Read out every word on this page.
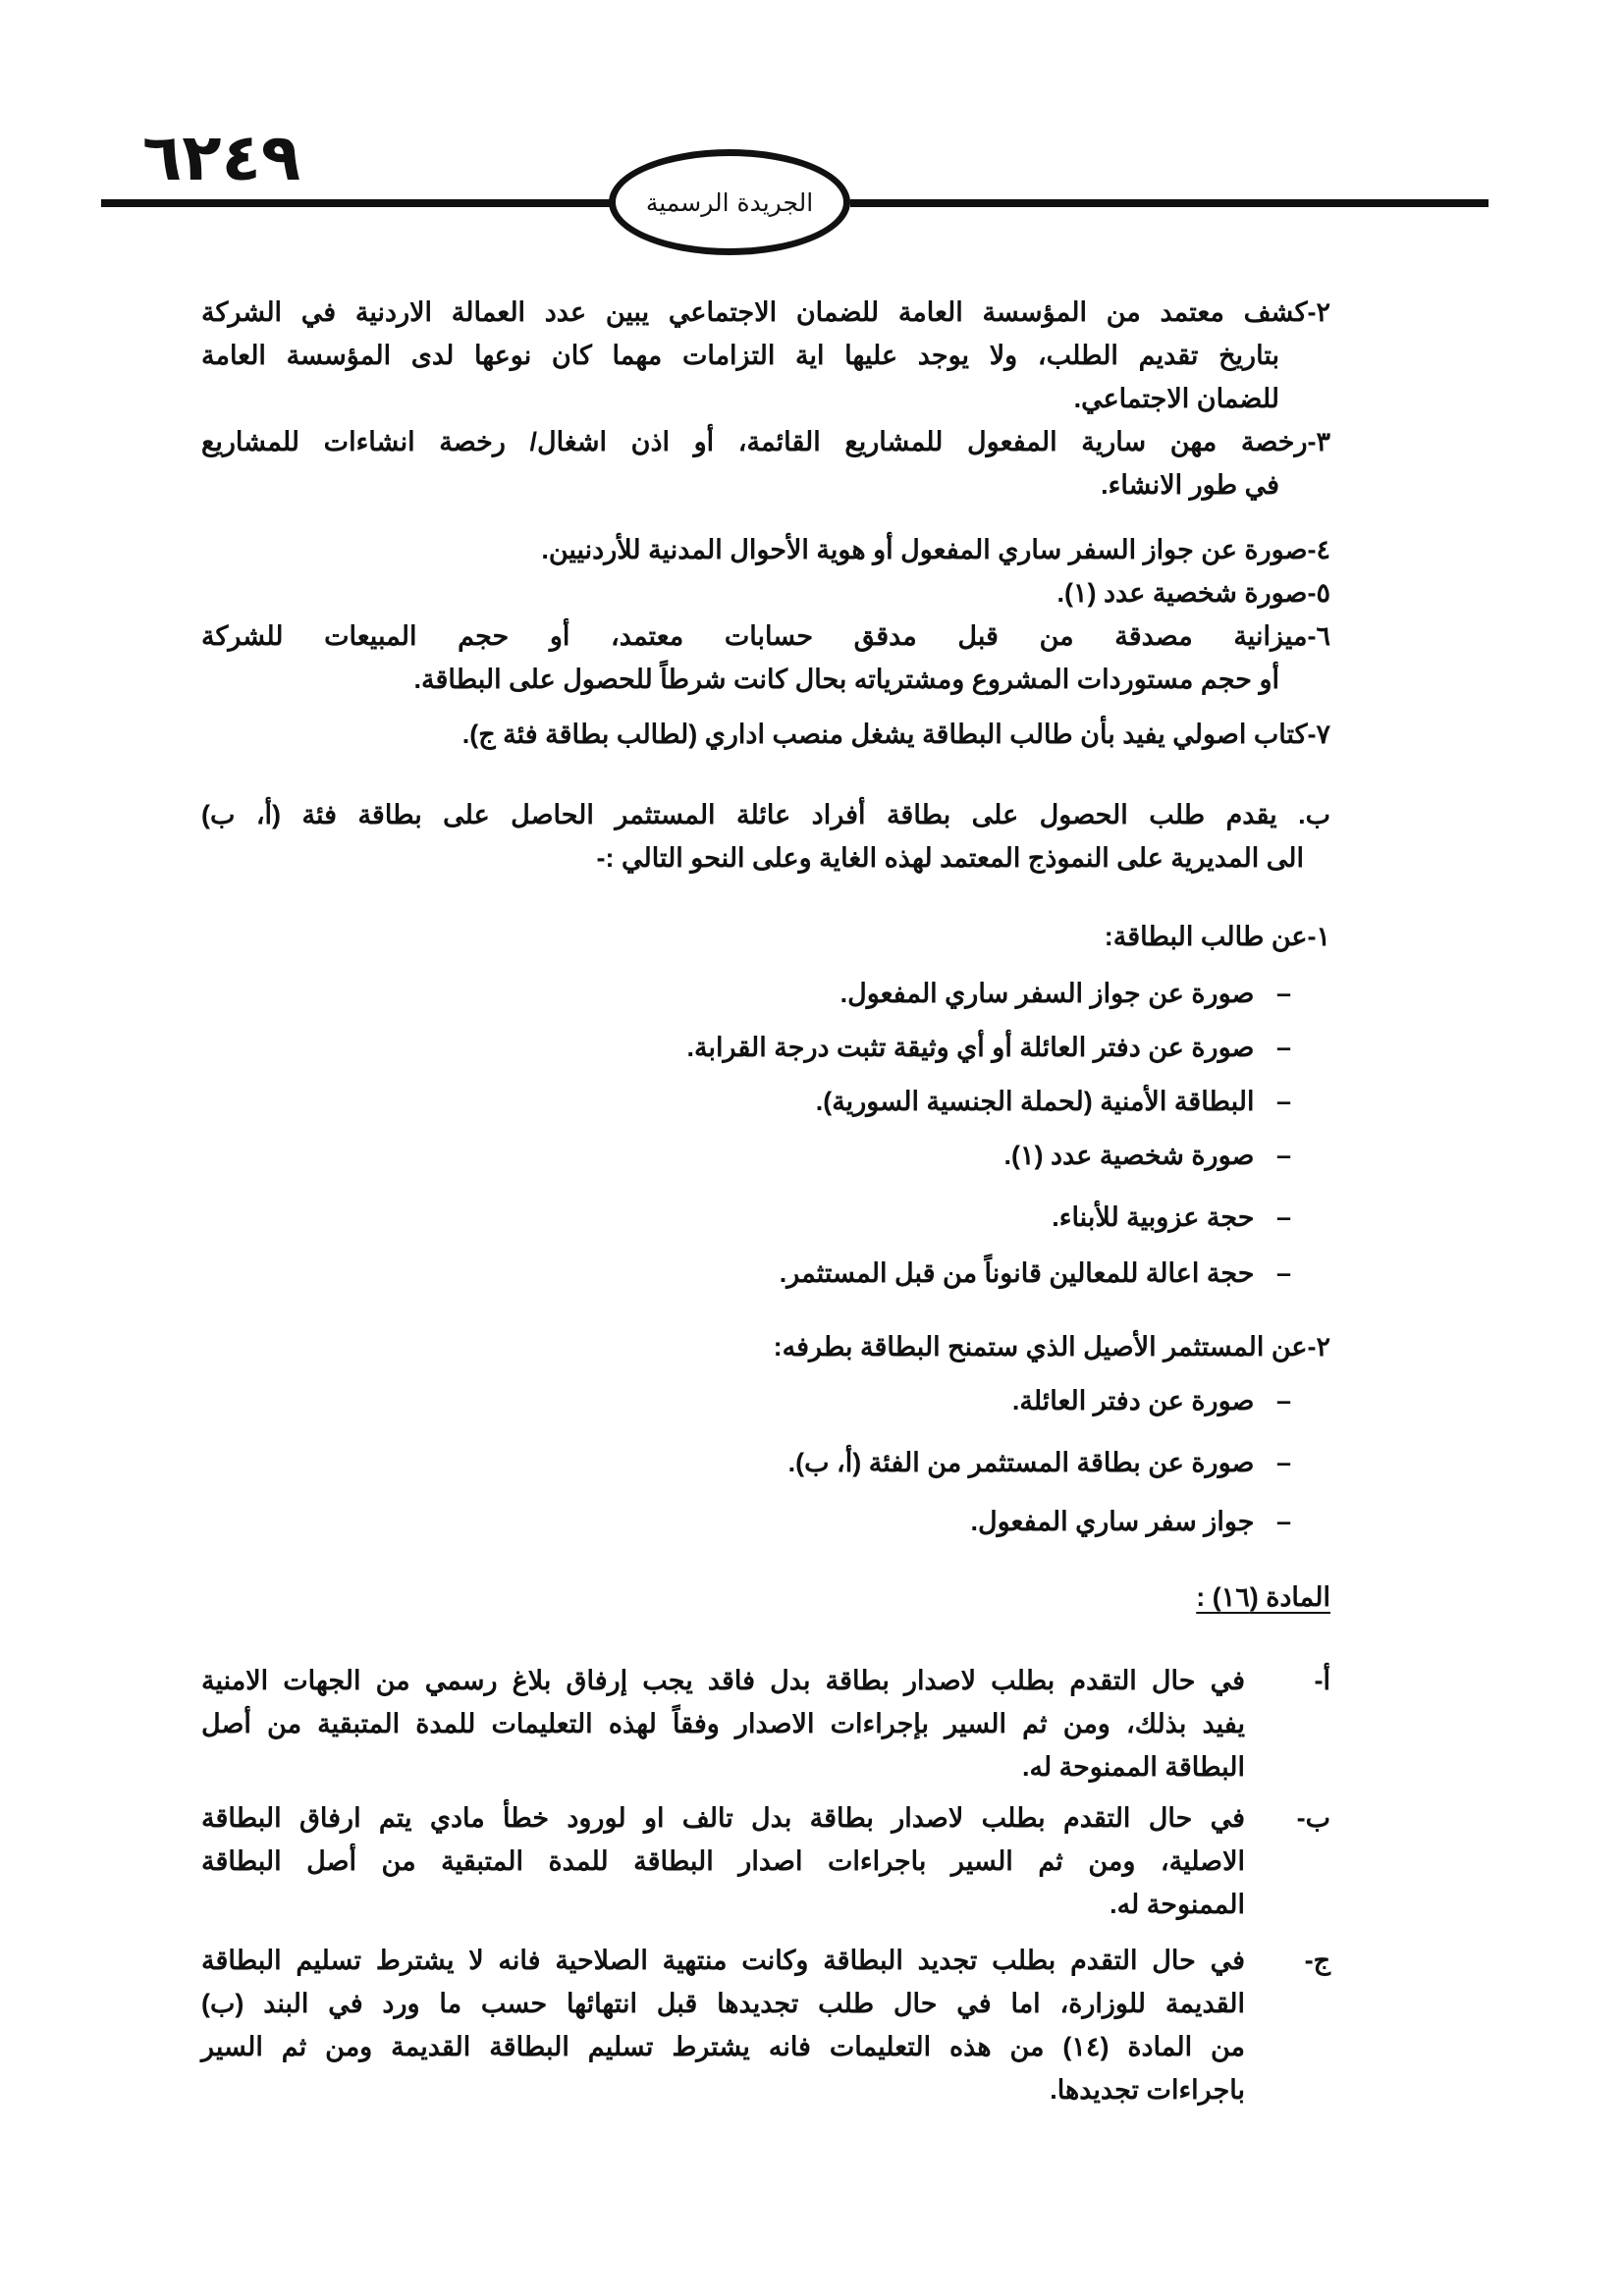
٦٢٤٩
الجريدة الرسمية
٢-كشف معتمد من المؤسسة العامة للضمان الاجتماعي يبين عدد العمالة الاردنية في الشركة
بتاريخ تقديم الطلب، ولا يوجد عليها اية التزامات مهما كان نوعها لدى المؤسسة العامة
للضمان الاجتماعي.
٣-رخصة مهن سارية المفعول للمشاريع القائمة، أو اذن اشغال/ رخصة انشاءات للمشاريع
في طور الانشاء.
٤-صورة عن جواز السفر ساري المفعول أو هوية الأحوال المدنية للأردنيين.
٥-صورة شخصية عدد (١).
٦-ميزانية مصدقة من قبل مدقق حسابات معتمد، أو حجم المبيعات للشركة
أو حجم مستوردات المشروع ومشترياته بحال كانت شرطاً للحصول على البطاقة.
٧-كتاب اصولي يفيد بأن طالب البطاقة يشغل منصب اداري (لطالب بطاقة فئة ج).
ب. يقدم طلب الحصول على بطاقة أفراد عائلة المستثمر الحاصل على بطاقة فئة (أ، ب)
الى المديرية على النموذج المعتمد لهذه الغاية وعلى النحو التالي :-
١-عن طالب البطاقة:
–   صورة عن جواز السفر ساري المفعول.
–   صورة عن دفتر العائلة أو أي وثيقة تثبت درجة القرابة.
–   البطاقة الأمنية (لحملة الجنسية السورية).
–   صورة شخصية عدد (١).
–   حجة عزوبية للأبناء.
–   حجة اعالة للمعالين قانوناً من قبل المستثمر.
٢-عن المستثمر الأصيل الذي ستمنح البطاقة بطرفه:
–   صورة عن دفتر العائلة.
–   صورة عن بطاقة المستثمر من الفئة (أ، ب).
–   جواز سفر ساري المفعول.
المادة (١٦) :
أ-
في حال التقدم بطلب لاصدار بطاقة بدل فاقد يجب إرفاق بلاغ رسمي من الجهات الامنية
يفيد بذلك، ومن ثم السير بإجراءات الاصدار وفقاً لهذه التعليمات للمدة المتبقية من أصل
البطاقة الممنوحة له.
ب-
في حال التقدم بطلب لاصدار بطاقة بدل تالف او لورود خطأ مادي يتم ارفاق البطاقة
الاصلية، ومن ثم السير باجراءات اصدار البطاقة للمدة المتبقية من أصل البطاقة
الممنوحة له.
ج-
في حال التقدم بطلب تجديد البطاقة وكانت منتهية الصلاحية فانه لا يشترط تسليم البطاقة
القديمة للوزارة، اما في حال طلب تجديدها قبل انتهائها حسب ما ورد في البند (ب)
من المادة (١٤) من هذه التعليمات فانه يشترط تسليم البطاقة القديمة ومن ثم السير
باجراءات تجديدها.
